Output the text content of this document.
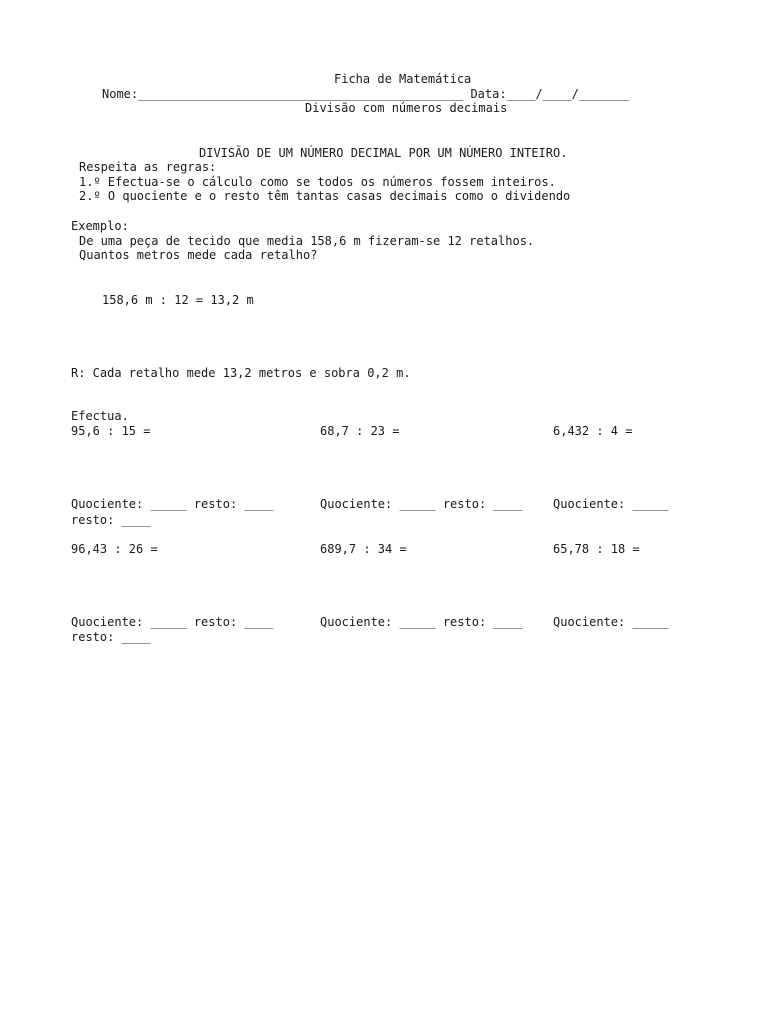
Ficha de Matemática
Nome:_____________________________________________ Data:____/____/_______
Divisão com números decimais
DIVISÃO DE UM NÚMERO DECIMAL POR UM NÚMERO INTEIRO.
Respeita as regras:
1.º Efectua-se o cálculo como se todos os números fossem inteiros.
2.º O quociente e o resto têm tantas casas decimais como o dividendo
Exemplo:
De uma peça de tecido que media 158,6 m fizeram-se 12 retalhos.
Quantos metros mede cada retalho?
158,6 m : 12 = 13,2 m
R: Cada retalho mede 13,2 metros e sobra 0,2 m.
Efectua.
95,6 : 15 =	68,7 : 23 =	6,432 : 4 =
Quociente: _____ resto: ____	Quociente: _____ resto: ____	Quociente: _____
resto: ____
96,43 : 26 =	689,7 : 34 =	65,78 : 18 =
Quociente: _____ resto: ____	Quociente: _____ resto: ____	Quociente: _____
resto: ____
